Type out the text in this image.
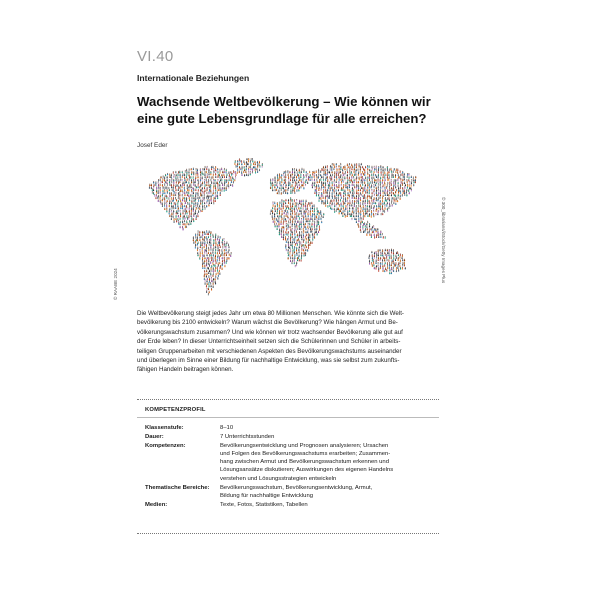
VI.40
Internationale Beziehungen
Wachsende Weltbevölkerung – Wie können wir
eine gute Lebensgrundlage für alle erreichen?
Josef Eder
© RAABE 2024
© 300_librarians/iStock/Getty Images Plus
Die Weltbevölkerung steigt jedes Jahr um etwa 80 Millionen Menschen. Wie könnte sich die Welt-
bevölkerung bis 2100 entwickeln? Warum wächst die Bevölkerung? Wie hängen Armut und Be-
völkerungswachstum zusammen? Und wie können wir trotz wachsender Bevölkerung alle gut auf
der Erde leben? In dieser Unterrichtseinheit setzen sich die Schülerinnen und Schüler in arbeits-
teiligen Gruppenarbeiten mit verschiedenen Aspekten des Bevölkerungswachstums auseinander
und überlegen im Sinne einer Bildung für nachhaltige Entwicklung, was sie selbst zum zukunfts-
fähigen Handeln beitragen können.
KOMPETENZPROFIL
Klassenstufe:	8–10
Dauer:	7 Unterrichtsstunden
Kompetenzen:	Bevölkerungsentwicklung und Prognosen analysieren; Ursachen
und Folgen des Bevölkerungswachstums erarbeiten; Zusammen-
hang zwischen Armut und Bevölkerungswachstum erkennen und
Lösungsansätze diskutieren; Auswirkungen des eigenen Handelns
verstehen und Lösungsstrategien entwickeln
Thematische Bereiche:	Bevölkerungswachstum, Bevölkerungsentwicklung, Armut,
Bildung für nachhaltige Entwicklung
Medien:	Texte, Fotos, Statistiken, Tabellen
